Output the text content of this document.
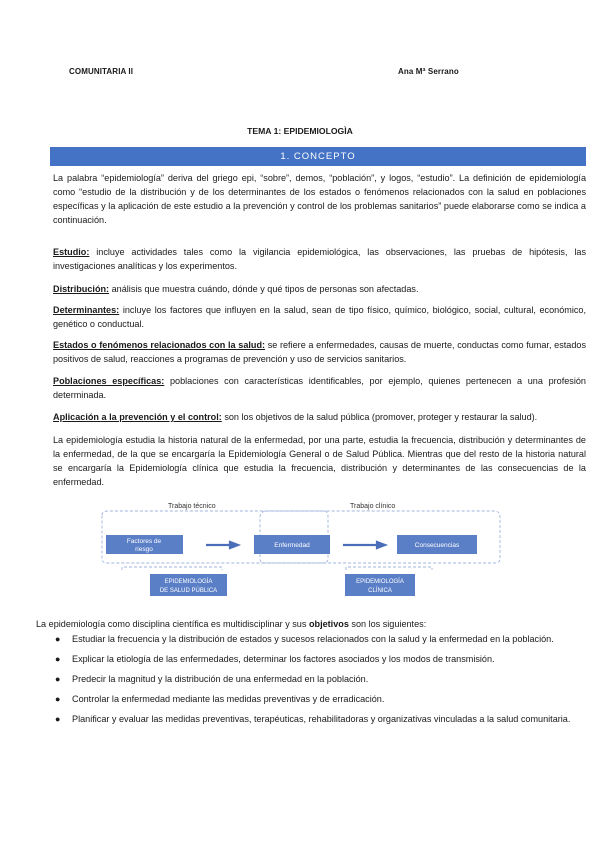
COMUNITARIA II	Ana Mª Serrano
TEMA 1: EPIDEMIOLOGÌA
1. CONCEPTO

La palabra “epidemiología” deriva del griego epi, “sobre”, demos, “población”, y logos, “estudio”. La definición de epidemiología como “estudio de la distribución y de los determinantes de los estados o fenómenos relacionados con la salud en poblaciones específicas y la aplicación de este estudio a la prevención y control de los problemas sanitarios” puede elaborarse como se indica a continuación.

Estudio: incluye actividades tales como la vigilancia epidemiológica, las observaciones, las pruebas de hipótesis, las investigaciones analíticas y los experimentos.

Distribución: análisis que muestra cuándo, dónde y qué tipos de personas son afectadas.

Determinantes: incluye los factores que influyen en la salud, sean de tipo físico, químico, biológico, social, cultural, económico, genético o conductual.

Estados o fenómenos relacionados con la salud: se refiere a enfermedades, causas de muerte, conductas como fumar, estados positivos de salud, reacciones a programas de prevención y uso de servicios sanitarios.

Poblaciones específicas: poblaciones con características identificables, por ejemplo, quienes pertenecen a una profesión determinada.

Aplicación a la prevención y el control: son los objetivos de la salud pública (promover, proteger y restaurar la salud).

La epidemiología estudia la historia natural de la enfermedad, por una parte, estudia la frecuencia, distribución y determinantes de la enfermedad, de la que se encargaría la Epidemiología General o de Salud Pública. Mientras que del resto de la historia natural se encargaría la Epidemiología clínica que estudia la frecuencia, distribución y determinantes de las consecuencias de la enfermedad.

Trabajo técnico	Trabajo clínico
Factores de
riesgo
Enfermedad	Consecuencias
EPIDEMIOLOGÍA
DE SALUD PÚBLICA
EPIDEMIOLOGÍA
CLÍNICA
La epidemiología como disciplina científica es multidisciplinar y sus objetivos son los siguientes:
● Estudiar la frecuencia y la distribución de estados y sucesos relacionados con la salud y la enfermedad en la población.
● Explicar la etiología de las enfermedades, determinar los factores asociados y los modos de transmisión.
● Predecir la magnitud y la distribución de una enfermedad en la población.
● Controlar la enfermedad mediante las medidas preventivas y de erradicación.
● Planificar y evaluar las medidas preventivas, terapéuticas, rehabilitadoras y organizativas vinculadas a la salud comunitaria.
